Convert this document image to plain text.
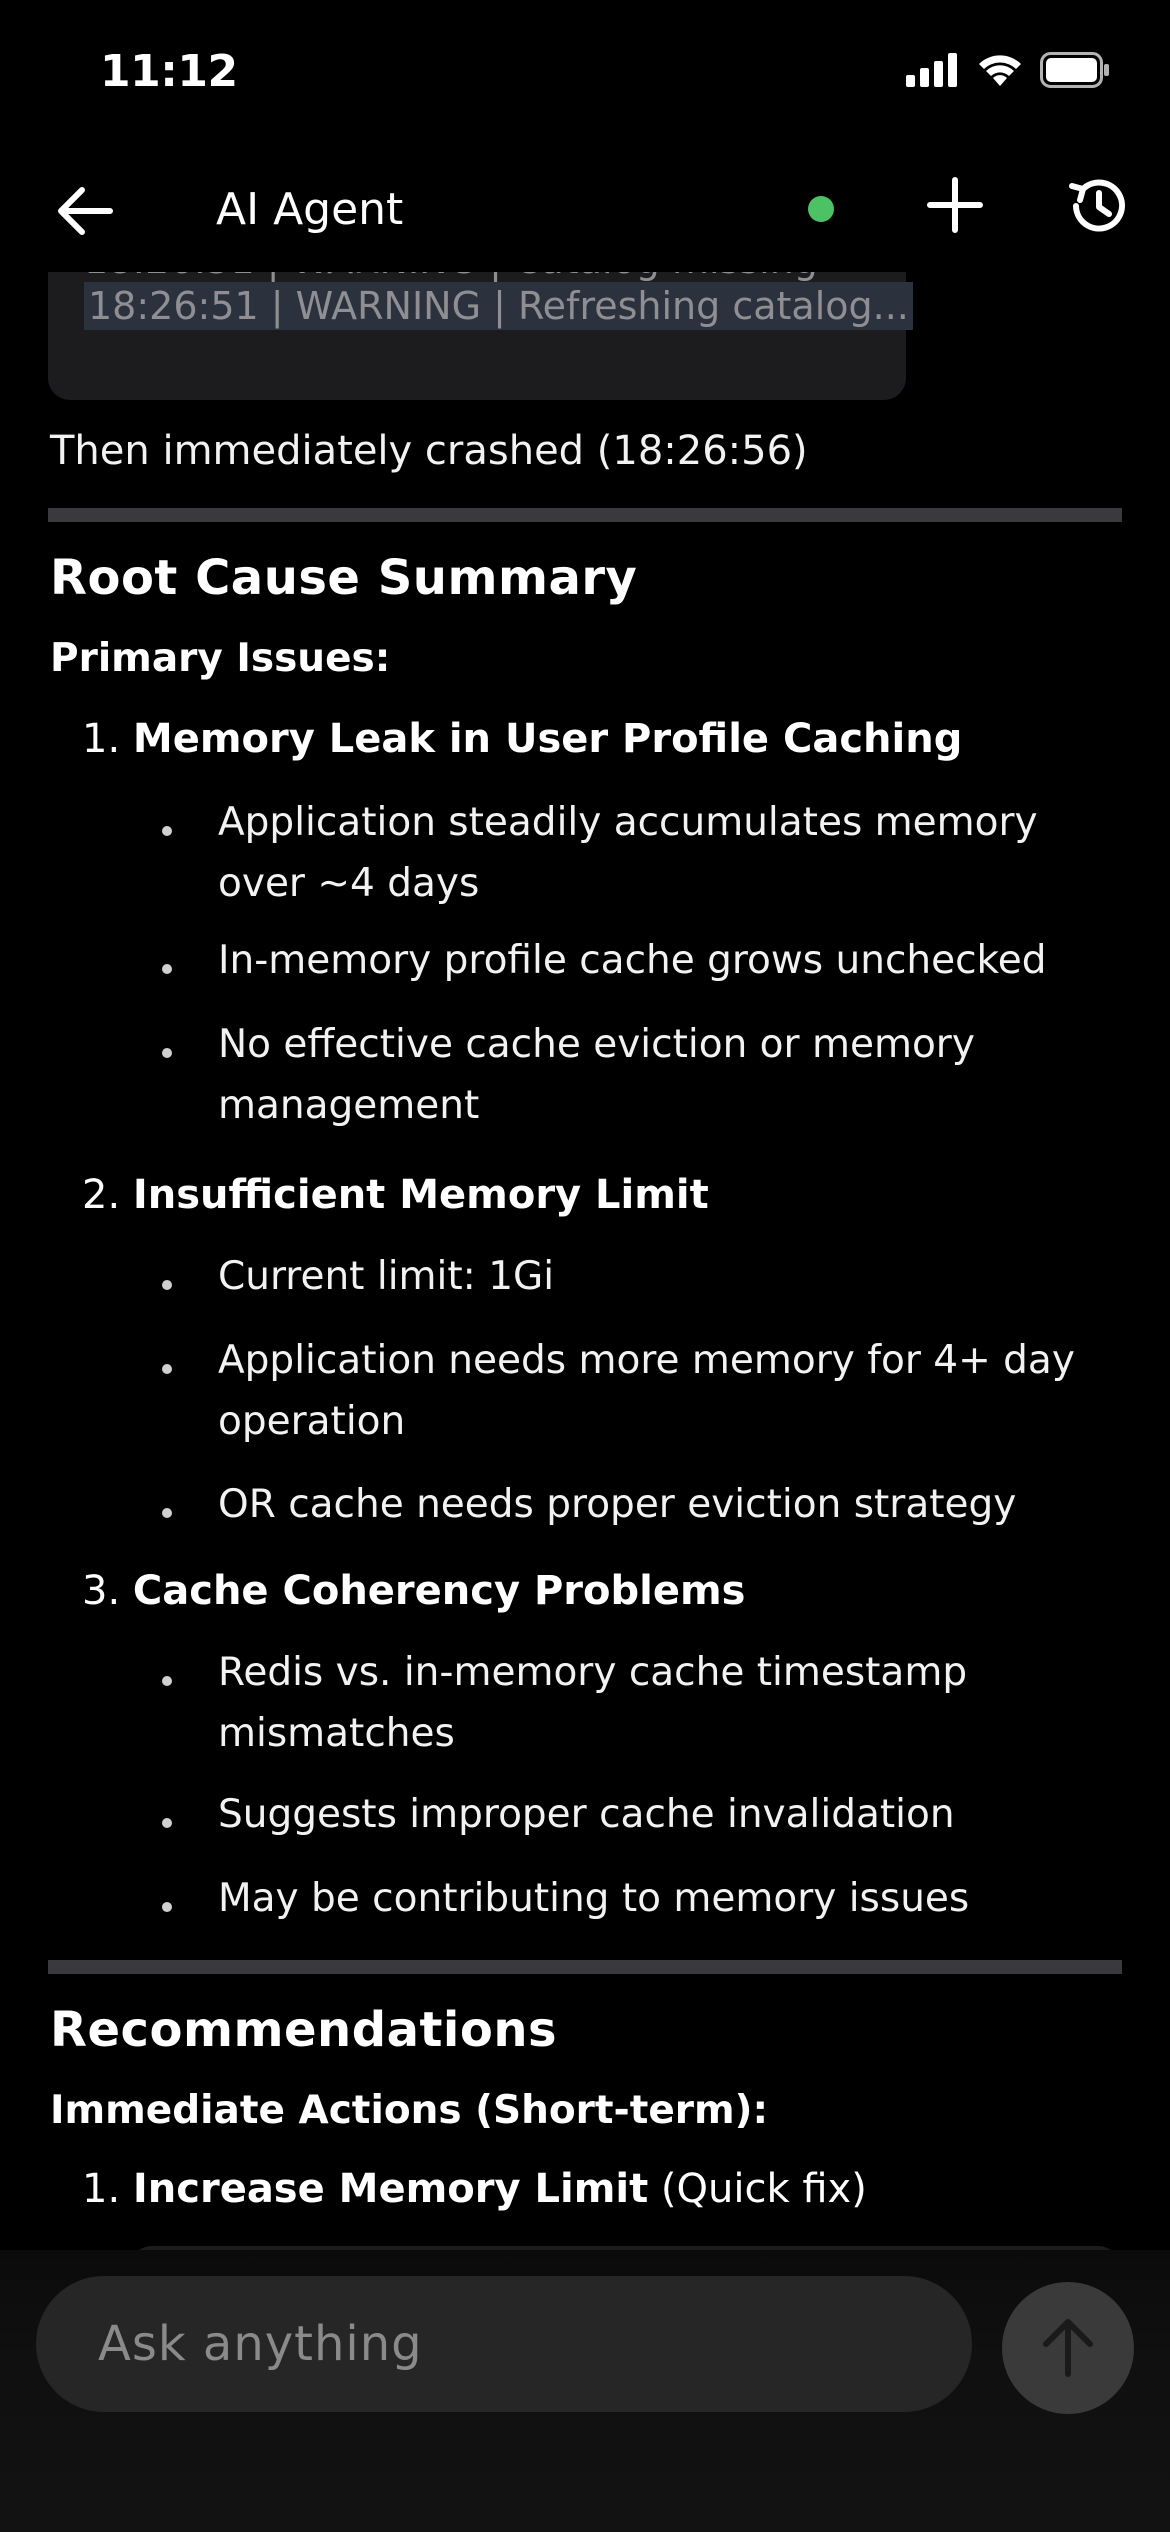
11:12
AI Agent
18:26:51 | WARNING | Refreshing catalog...
Then immediately crashed (18:26:56)
Root Cause Summary
Primary Issues:
1. Memory Leak in User Profile Caching
Application steadily accumulates memory over ~4 days
In-memory profile cache grows unchecked
No effective cache eviction or memory management
2. Insufficient Memory Limit
Current limit: 1Gi
Application needs more memory for 4+ day operation
OR cache needs proper eviction strategy
3. Cache Coherency Problems
Redis vs. in-memory cache timestamp mismatches
Suggests improper cache invalidation
May be contributing to memory issues
Recommendations
Immediate Actions (Short-term):
1. Increase Memory Limit (Quick fix)
Ask anything
